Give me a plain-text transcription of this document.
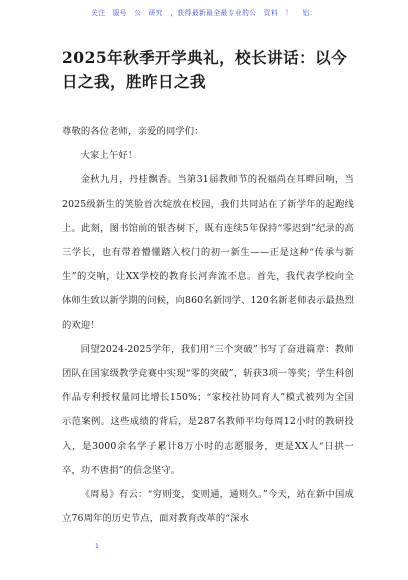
关注　服号　公　研究　，获得最新最全最专业的公　资料　！　 铝：
2025年秋季开学典礼，校长讲话：以今日之我，胜昨日之我

尊敬的各位老师，亲爱的同学们：

大家上午好！

金秋九月，丹桂飘香。当第31届教师节的祝福尚在耳畔回响，当2025级新生的笑脸首次绽放在校园，我们共同站在了新学年的起跑线上。此刻，图书馆前的银杏树下，既有连续5年保持“零迟到”纪录的高三学长，也有带着懵懂踏入校门的初一新生——正是这种“传承与新生”的交响，让XX学校的教育长河奔流不息。首先，我代表学校向全体师生致以新学期的问候，向860名新同学、120名新老师表示最热烈的欢迎！

回望2024-2025学年，我们用“三个突破”书写了奋进篇章：教师团队在国家级教学竞赛中实现“零的突破”，斩获3项一等奖；学生科创作品专利授权量同比增长150%；“家校社协同育人”模式被列为全国示范案例。这些成绩的背后，是287名教师平均每周12小时的教研投入，是3000余名学子累计8万小时的志愿服务，更是XX人“日拱一卒，功不唐捐”的信念坚守。

《周易》有云：“穷则变，变则通，通则久。”今天，站在新中国成立76周年的历史节点，面对教育改革的“深水

1
